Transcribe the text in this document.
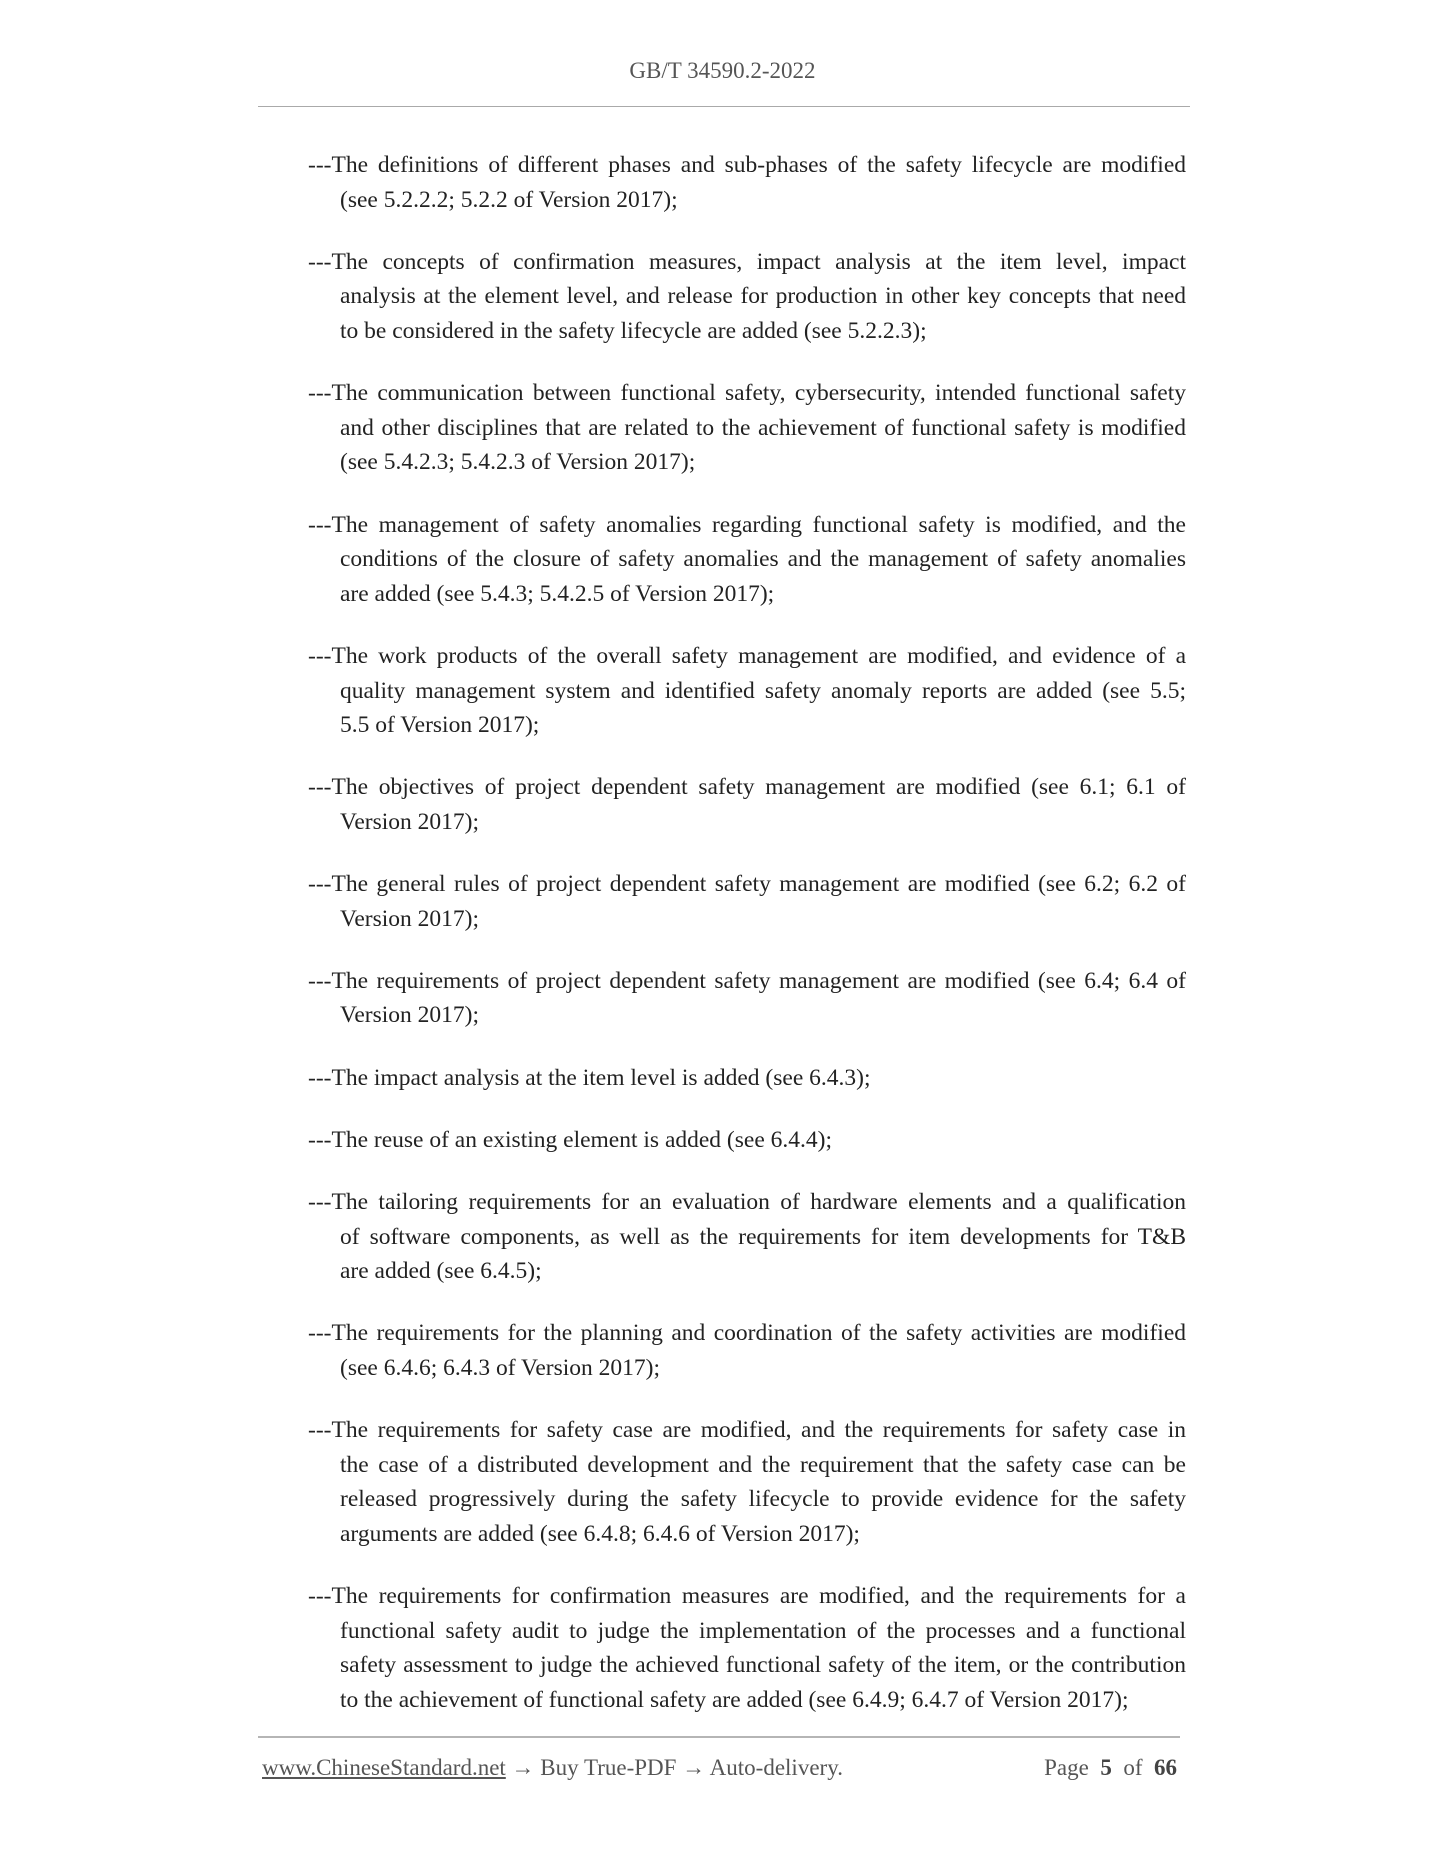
GB/T 34590.2-2022
---The definitions of different phases and sub-phases of the safety lifecycle are modified
(see 5.2.2.2; 5.2.2 of Version 2017);
---The concepts of confirmation measures, impact analysis at the item level, impact
analysis at the element level, and release for production in other key concepts that need
to be considered in the safety lifecycle are added (see 5.2.2.3);
---The communication between functional safety, cybersecurity, intended functional safety
and other disciplines that are related to the achievement of functional safety is modified
(see 5.4.2.3; 5.4.2.3 of Version 2017);
---The management of safety anomalies regarding functional safety is modified, and the
conditions of the closure of safety anomalies and the management of safety anomalies
are added (see 5.4.3; 5.4.2.5 of Version 2017);
---The work products of the overall safety management are modified, and evidence of a
quality management system and identified safety anomaly reports are added (see 5.5;
5.5 of Version 2017);
---The objectives of project dependent safety management are modified (see 6.1; 6.1 of
Version 2017);
---The general rules of project dependent safety management are modified (see 6.2; 6.2 of
Version 2017);
---The requirements of project dependent safety management are modified (see 6.4; 6.4 of
Version 2017);
---The impact analysis at the item level is added (see 6.4.3);
---The reuse of an existing element is added (see 6.4.4);
---The tailoring requirements for an evaluation of hardware elements and a qualification
of software components, as well as the requirements for item developments for T&B
are added (see 6.4.5);
---The requirements for the planning and coordination of the safety activities are modified
(see 6.4.6; 6.4.3 of Version 2017);
---The requirements for safety case are modified, and the requirements for safety case in
the case of a distributed development and the requirement that the safety case can be
released progressively during the safety lifecycle to provide evidence for the safety
arguments are added (see 6.4.8; 6.4.6 of Version 2017);
---The requirements for confirmation measures are modified, and the requirements for a
functional safety audit to judge the implementation of the processes and a functional
safety assessment to judge the achieved functional safety of the item, or the contribution
to the achievement of functional safety are added (see 6.4.9; 6.4.7 of Version 2017);
www.ChineseStandard.net → Buy True-PDF → Auto-delivery.	Page 5 of 66
